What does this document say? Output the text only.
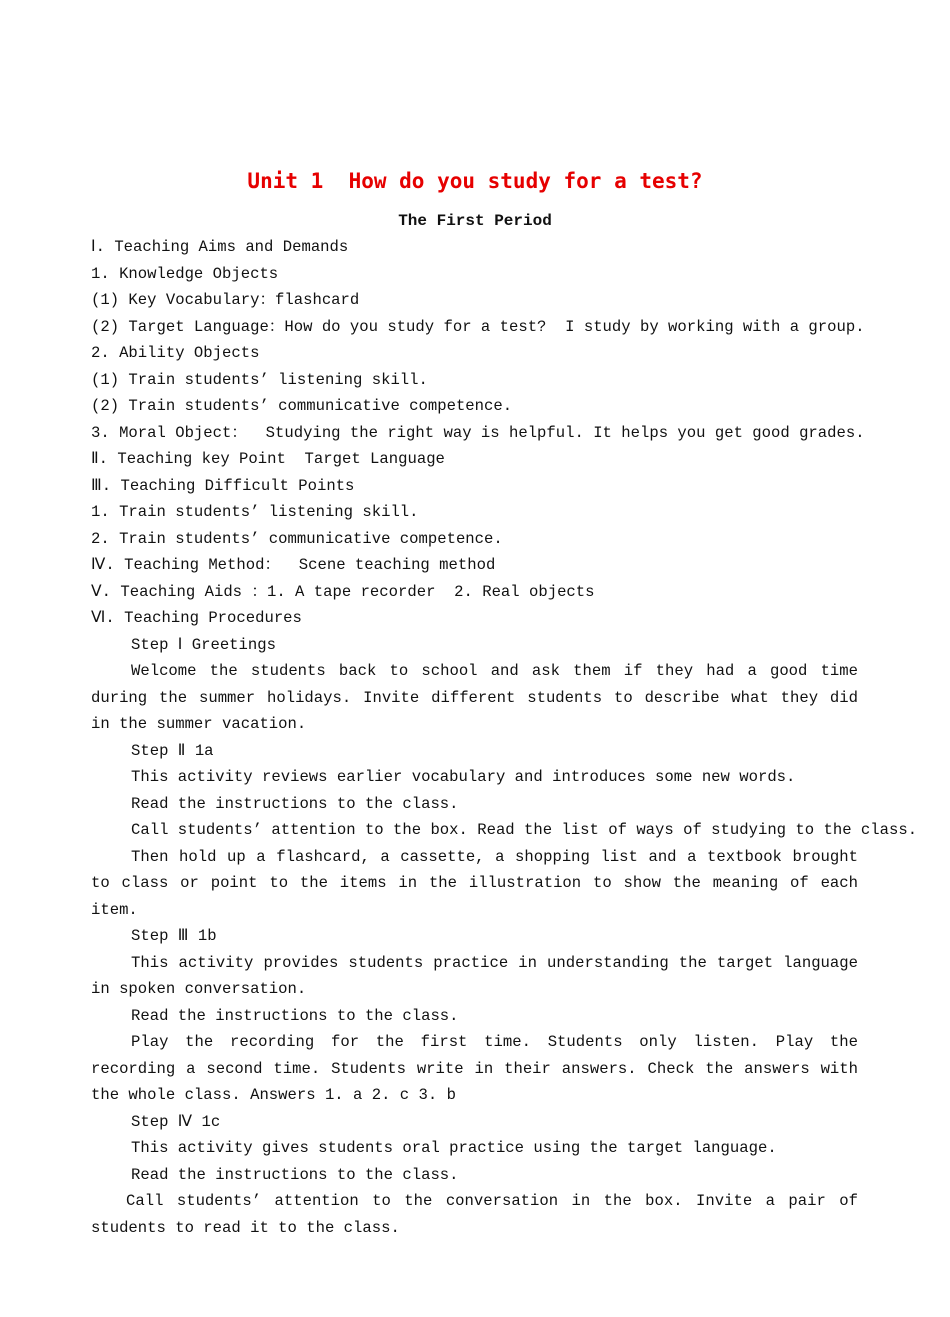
Unit 1  How do you study for a test?
The First Period
Ⅰ. Teaching Aims and Demands
1. Knowledge Objects
(1) Key Vocabulary：flashcard
(2) Target Language：How do you study for a test?  I study by working with a group.
2. Ability Objects
(1) Train students’ listening skill.
(2) Train students’ communicative competence.
3. Moral Object：  Studying the right way is helpful. It helps you get good grades.
Ⅱ. Teaching key Point  Target Language
Ⅲ. Teaching Difficult Points
1. Train students’ listening skill.
2. Train students’ communicative competence.
Ⅳ. Teaching Method：  Scene teaching method
Ⅴ. Teaching Aids ：1. A tape recorder  2. Real objects
Ⅵ. Teaching Procedures
Step Ⅰ Greetings
Welcome the students back to school and ask them if they had a good time during the summer holidays. Invite different students to describe what they did in the summer vacation.
Step Ⅱ 1a
This activity reviews earlier vocabulary and introduces some new words.
Read the instructions to the class.
Call students’ attention to the box. Read the list of ways of studying to the class.
Then hold up a flashcard, a cassette, a shopping list and a textbook brought to class or point to the items in the illustration to show the meaning of each item.
Step Ⅲ 1b
This activity provides students practice in understanding the target language in spoken conversation.
Read the instructions to the class.
Play the recording for the first time. Students only listen. Play the recording a second time. Students write in their answers. Check the answers with the whole class. Answers 1. a 2. c 3. b
Step Ⅳ 1c
This activity gives students oral practice using the target language.
Read the instructions to the class.
Call students’ attention to the conversation in the box. Invite a pair of students to read it to the class.
